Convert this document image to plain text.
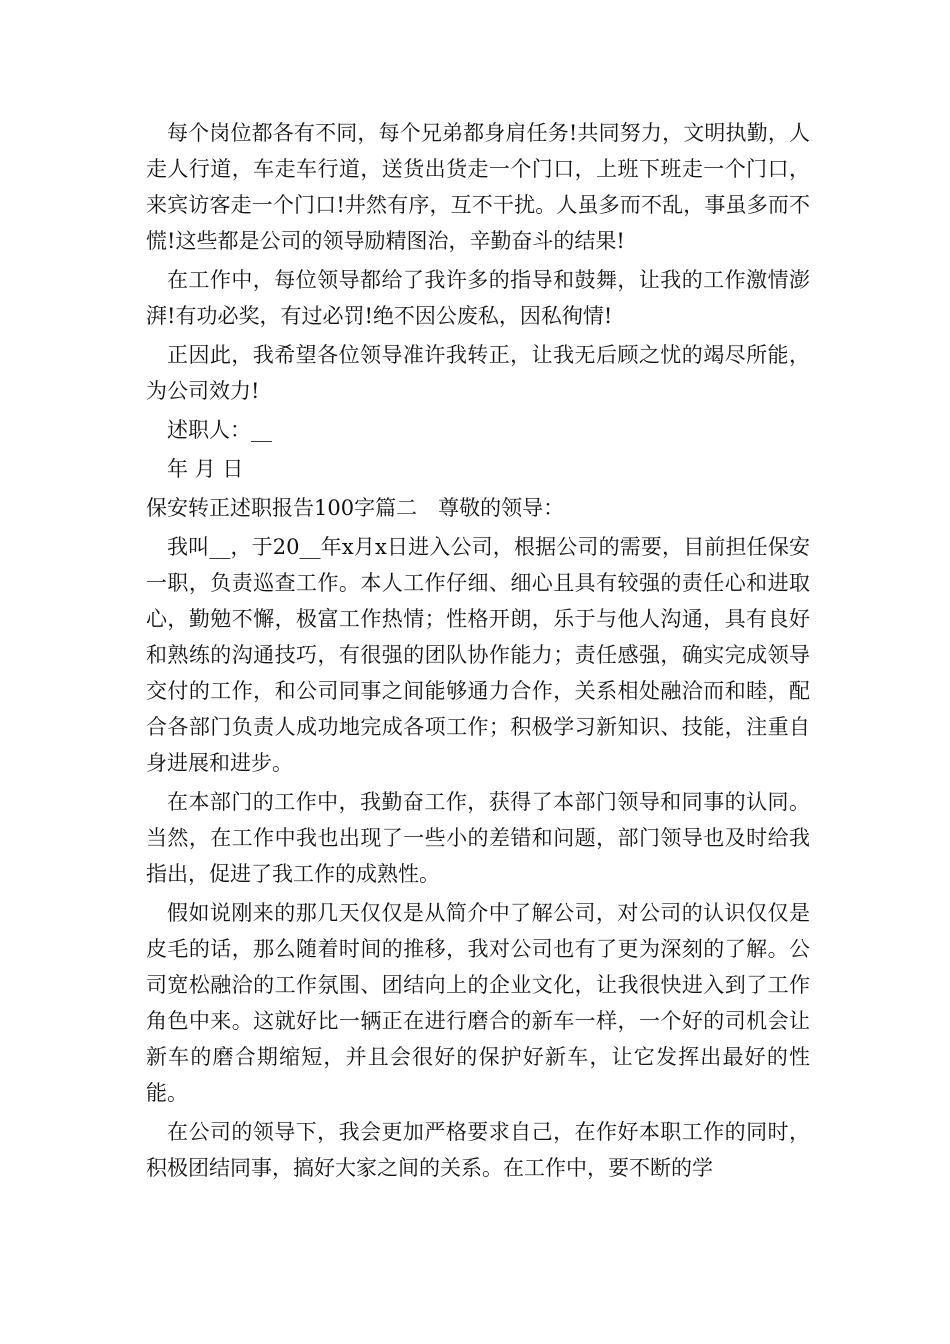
每个岗位都各有不同，每个兄弟都身肩任务!共同努力，文明执勤，人走人行道，车走车行道，送货出货走一个门口，上班下班走一个门口，来宾访客走一个门口!井然有序，互不干扰。人虽多而不乱，事虽多而不慌!这些都是公司的领导励精图治，辛勤奋斗的结果!

在工作中，每位领导都给了我许多的指导和鼓舞，让我的工作激情澎湃!有功必奖，有过必罚!绝不因公废私，因私徇情!

正因此，我希望各位领导准许我转正，让我无后顾之忧的竭尽所能，为公司效力!

述职人：__

年 月 日

保安转正述职报告100字篇二　尊敬的领导：

我叫__，于20__年x月x日进入公司，根据公司的需要，目前担任保安一职，负责巡查工作。本人工作仔细、细心且具有较强的责任心和进取心，勤勉不懈，极富工作热情；性格开朗，乐于与他人沟通，具有良好和熟练的沟通技巧，有很强的团队协作能力；责任感强，确实完成领导交付的工作，和公司同事之间能够通力合作，关系相处融洽而和睦，配合各部门负责人成功地完成各项工作；积极学习新知识、技能，注重自身进展和进步。

在本部门的工作中，我勤奋工作，获得了本部门领导和同事的认同。当然，在工作中我也出现了一些小的差错和问题，部门领导也及时给我指出，促进了我工作的成熟性。

假如说刚来的那几天仅仅是从简介中了解公司，对公司的认识仅仅是皮毛的话，那么随着时间的推移，我对公司也有了更为深刻的了解。公司宽松融洽的工作氛围、团结向上的企业文化，让我很快进入到了工作角色中来。这就好比一辆正在进行磨合的新车一样，一个好的司机会让新车的磨合期缩短，并且会很好的保护好新车，让它发挥出最好的性能。

在公司的领导下，我会更加严格要求自己，在作好本职工作的同时，积极团结同事，搞好大家之间的关系。在工作中，要不断的学
